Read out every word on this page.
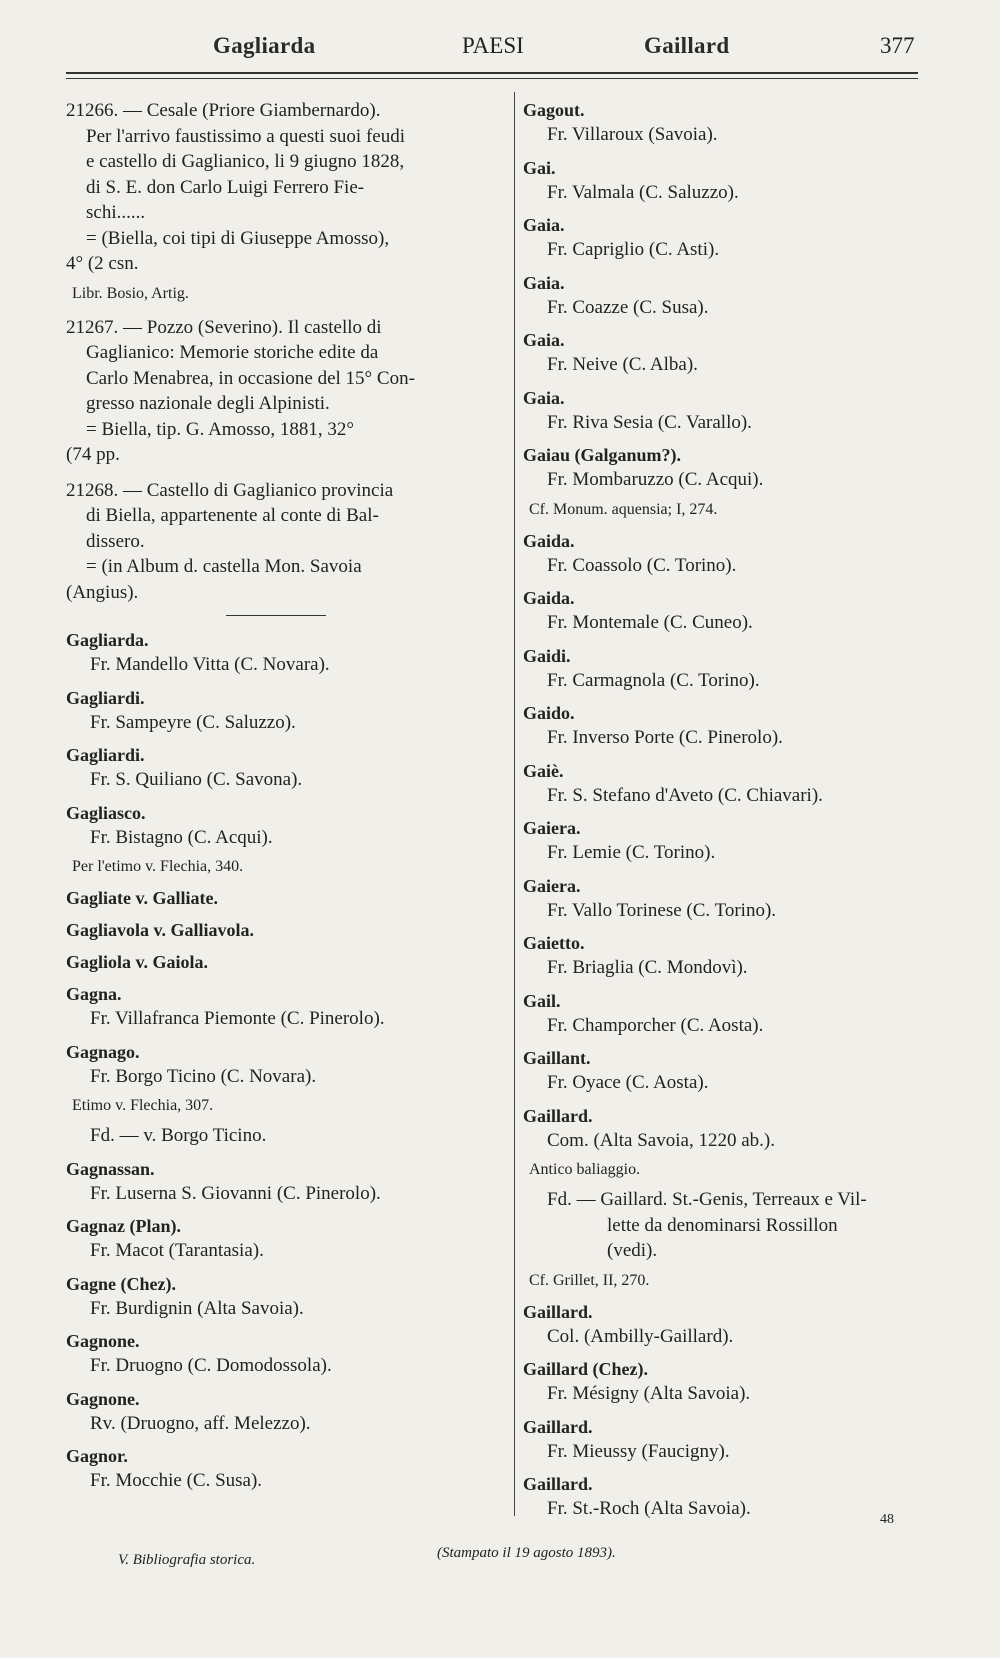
Gagliarda	PAESI	Gaillard	377
21266. — Cesale (Priore Giambernardo).
Per l'arrivo faustissimo a questi suoi feudi
e castello di Gaglianico, li 9 giugno 1828,
di S. E. don Carlo Luigi Ferrero Fie-
schi......
= (Biella, coi tipi di Giuseppe Amosso),
4° (2 csn.
Libr. Bosio, Artig.
21267. — Pozzo (Severino). Il castello di
Gaglianico: Memorie storiche edite da
Carlo Menabrea, in occasione del 15° Con-
gresso nazionale degli Alpinisti.
= Biella, tip. G. Amosso, 1881, 32°
(74 pp.
21268. — Castello di Gaglianico provincia
di Biella, appartenente al conte di Bal-
dissero.
= (in Album d. castella Mon. Savoia
(Angius).
Gagliarda.
Fr. Mandello Vitta (C. Novara).
Gagliardi.
Fr. Sampeyre (C. Saluzzo).
Gagliardi.
Fr. S. Quiliano (C. Savona).
Gagliasco.
Fr. Bistagno (C. Acqui).
Per l'etimo v. Flechia, 340.
Gagliate v. Galliate.
Gagliavola v. Galliavola.
Gagliola v. Gaiola.
Gagna.
Fr. Villafranca Piemonte (C. Pinerolo).
Gagnago.
Fr. Borgo Ticino (C. Novara).
Etimo v. Flechia, 307.
Fd. — v. Borgo Ticino.
Gagnassan.
Fr. Luserna S. Giovanni (C. Pinerolo).
Gagnaz (Plan).
Fr. Macot (Tarantasia).
Gagne (Chez).
Fr. Burdignin (Alta Savoia).
Gagnone.
Fr. Druogno (C. Domodossola).
Gagnone.
Rv. (Druogno, aff. Melezzo).
Gagnor.
Fr. Mocchie (C. Susa).
Gagout.
Fr. Villaroux (Savoia).
Gai.
Fr. Valmala (C. Saluzzo).
Gaia.
Fr. Capriglio (C. Asti).
Gaia.
Fr. Coazze (C. Susa).
Gaia.
Fr. Neive (C. Alba).
Gaia.
Fr. Riva Sesia (C. Varallo).
Gaiau (Galganum?).
Fr. Mombaruzzo (C. Acqui).
Cf. Monum. aquensia; I, 274.
Gaida.
Fr. Coassolo (C. Torino).
Gaida.
Fr. Montemale (C. Cuneo).
Gaidi.
Fr. Carmagnola (C. Torino).
Gaido.
Fr. Inverso Porte (C. Pinerolo).
Gaiè.
Fr. S. Stefano d'Aveto (C. Chiavari).
Gaiera.
Fr. Lemie (C. Torino).
Gaiera.
Fr. Vallo Torinese (C. Torino).
Gaietto.
Fr. Briaglia (C. Mondovì).
Gail.
Fr. Champorcher (C. Aosta).
Gaillant.
Fr. Oyace (C. Aosta).
Gaillard.
Com. (Alta Savoia, 1220 ab.).
Antico baliaggio.
Fd. — Gaillard. St.-Genis, Terreaux e Vil-
lette da denominarsi Rossillon
(vedi).
Cf. Grillet, II, 270.
Gaillard.
Col. (Ambilly-Gaillard).
Gaillard (Chez).
Fr. Mésigny (Alta Savoia).
Gaillard.
Fr. Mieussy (Faucigny).
Gaillard.
Fr. St.-Roch (Alta Savoia).
V. Bibliografia storica.	(Stampato il 19 agosto 1893).
48
